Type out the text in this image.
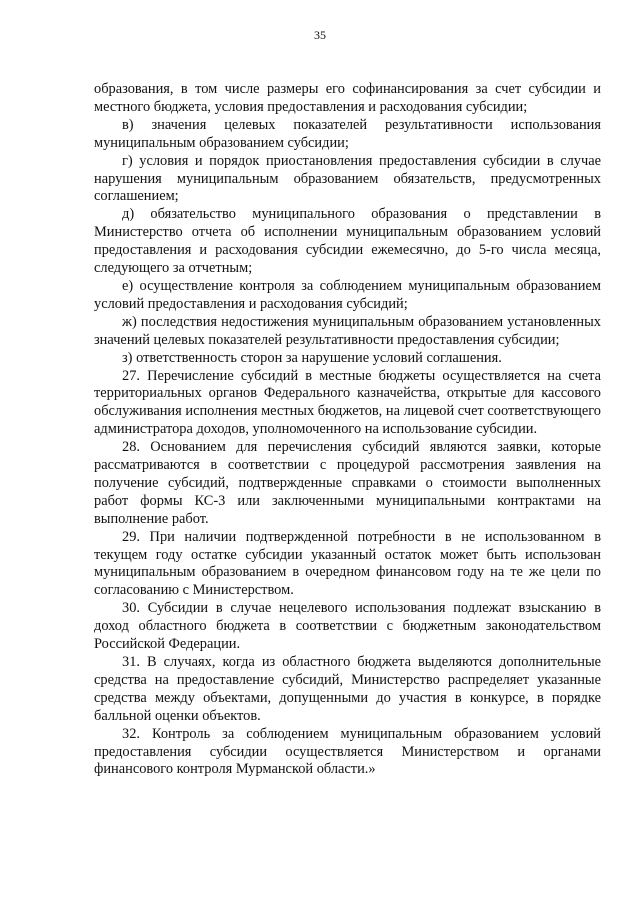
35

образования, в том числе размеры его софинансирования за счет субсидии и местного бюджета, условия предоставления и расходования субсидии;

в) значения целевых показателей результативности использования муниципальным образованием субсидии;

г) условия и порядок приостановления предоставления субсидии в случае нарушения муниципальным образованием обязательств, предусмотренных соглашением;

д) обязательство муниципального образования о представлении в Министерство отчета об исполнении муниципальным образованием условий предоставления и расходования субсидии ежемесячно, до 5-го числа месяца, следующего за отчетным;

е) осуществление контроля за соблюдением муниципальным образованием условий предоставления и расходования субсидий;

ж) последствия недостижения муниципальным образованием установленных значений целевых показателей результативности предоставления субсидии;

з) ответственность сторон за нарушение условий соглашения.

27. Перечисление субсидий в местные бюджеты осуществляется на счета территориальных органов Федерального казначейства, открытые для кассового обслуживания исполнения местных бюджетов, на лицевой счет соответствующего администратора доходов, уполномоченного на использование субсидии.

28. Основанием для перечисления субсидий являются заявки, которые рассматриваются в соответствии с процедурой рассмотрения заявления на получение субсидий, подтвержденные справками о стоимости выполненных работ формы КС-3 или заключенными муниципальными контрактами на выполнение работ.

29. При наличии подтвержденной потребности в не использованном в текущем году остатке субсидии указанный остаток может быть использован муниципальным образованием в очередном финансовом году на те же цели по согласованию с Министерством.

30. Субсидии в случае нецелевого использования подлежат взысканию в доход областного бюджета в соответствии с бюджетным законодательством Российской Федерации.

31. В случаях, когда из областного бюджета выделяются дополнительные средства на предоставление субсидий, Министерство распределяет указанные средства между объектами, допущенными до участия в конкурсе, в порядке балльной оценки объектов.

32. Контроль за соблюдением муниципальным образованием условий предоставления субсидии осуществляется Министерством и органами финансового контроля Мурманской области.»
